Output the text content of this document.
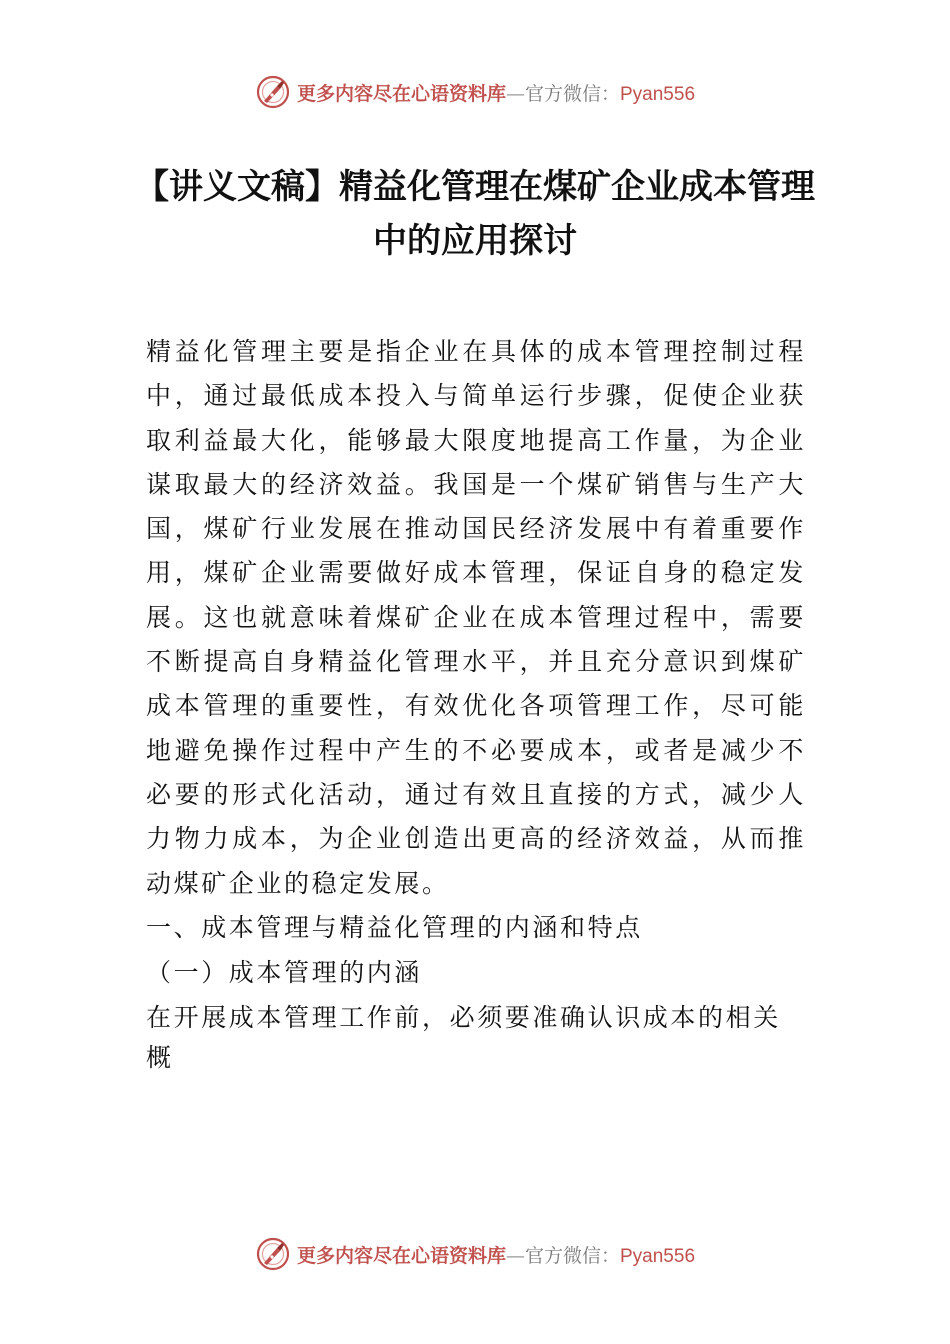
更多内容尽在心语资料库—官方微信：Pyan556
【讲义文稿】精益化管理在煤矿企业成本管理中的应用探讨

精益化管理主要是指企业在具体的成本管理控制过程中，通过最低成本投入与简单运行步骤，促使企业获取利益最大化，能够最大限度地提高工作量，为企业谋取最大的经济效益。我国是一个煤矿销售与生产大国，煤矿行业发展在推动国民经济发展中有着重要作用，煤矿企业需要做好成本管理，保证自身的稳定发展。这也就意味着煤矿企业在成本管理过程中，需要不断提高自身精益化管理水平，并且充分意识到煤矿成本管理的重要性，有效优化各项管理工作，尽可能地避免操作过程中产生的不必要成本，或者是减少不必要的形式化活动，通过有效且直接的方式，减少人力物力成本，为企业创造出更高的经济效益，从而推动煤矿企业的稳定发展。

一、成本管理与精益化管理的内涵和特点

（一）成本管理的内涵

在开展成本管理工作前，必须要准确认识成本的相关概

更多内容尽在心语资料库—官方微信：Pyan556
